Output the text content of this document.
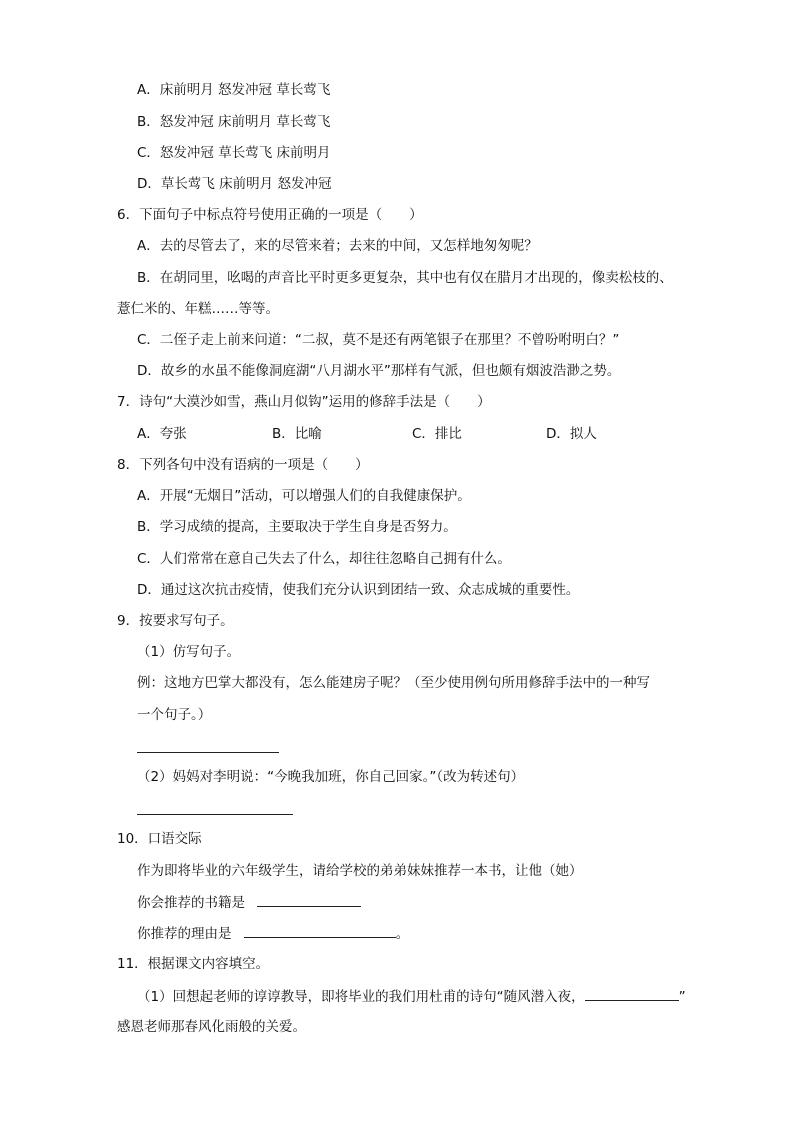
A．床前明月 怒发冲冠 草长莺飞
B．怒发冲冠 床前明月 草长莺飞
C．怒发冲冠 草长莺飞 床前明月
D．草长莺飞 床前明月 怒发冲冠
6．下面句子中标点符号使用正确的一项是（　　）
A．去的尽管去了，来的尽管来着；去来的中间，又怎样地匆匆呢？
B．在胡同里，吆喝的声音比平时更多更复杂，其中也有仅在腊月才出现的，像卖松枝的、
薏仁米的、年糕……等等。
C．二侄子走上前来问道：“二叔，莫不是还有两笔银子在那里？不曾吩咐明白？”
D．故乡的水虽不能像洞庭湖“八月湖水平”那样有气派，但也颇有烟波浩渺之势。
7．诗句“大漠沙如雪，燕山月似钩”运用的修辞手法是（　　）
A．夸张	B．比喻	C．排比	D．拟人
8．下列各句中没有语病的一项是（　　）
A．开展“无烟日”活动，可以增强人们的自我健康保护。
B．学习成绩的提高，主要取决于学生自身是否努力。
C．人们常常在意自己失去了什么，却往往忽略自己拥有什么。
D．通过这次抗击疫情，使我们充分认识到团结一致、众志成城的重要性。
9．按要求写句子。
（1）仿写句子。
例：这地方巴掌大都没有，怎么能建房子呢？（至少使用例句所用修辞手法中的一种写
一个句子。）
（2）妈妈对李明说：“今晚我加班，你自己回家。”（改为转述句）
10．口语交际
作为即将毕业的六年级学生，请给学校的弟弟妹妹推荐一本书，让他（她）
你会推荐的书籍是
你推荐的理由是	。
11．根据课文内容填空。
（1）回想起老师的谆谆教导，即将毕业的我们用杜甫的诗句“随风潜入夜，	”
感恩老师那春风化雨般的关爱。
